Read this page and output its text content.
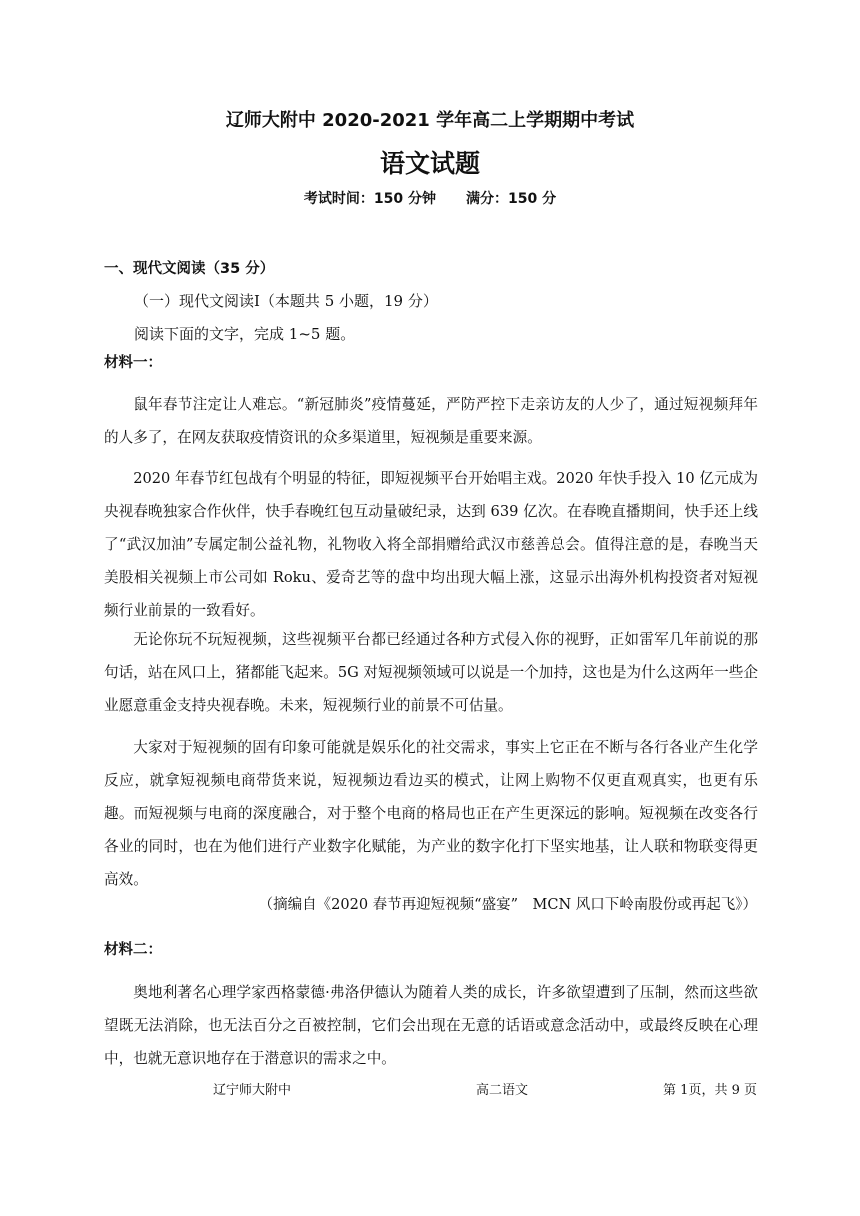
辽师大附中 2020-2021 学年高二上学期期中考试
语文试题
考试时间：150 分钟 满分：150 分
一、现代文阅读（35 分）
（一）现代文阅读Ⅰ（本题共 5 小题，19 分）
阅读下面的文字，完成 1~5 题。
材料一：
鼠年春节注定让人难忘。“新冠肺炎”疫情蔓延，严防严控下走亲访友的人少了，通过短视频拜年的人多了，在网友获取疫情资讯的众多渠道里，短视频是重要来源。
2020 年春节红包战有个明显的特征，即短视频平台开始唱主戏。2020 年快手投入 10 亿元成为央视春晚独家合作伙伴，快手春晚红包互动量破纪录，达到 639 亿次。在春晚直播期间，快手还上线了“武汉加油”专属定制公益礼物，礼物收入将全部捐赠给武汉市慈善总会。值得注意的是，春晚当天美股相关视频上市公司如 Roku、爱奇艺等的盘中均出现大幅上涨，这显示出海外机构投资者对短视频行业前景的一致看好。
无论你玩不玩短视频，这些视频平台都已经通过各种方式侵入你的视野，正如雷军几年前说的那句话，站在风口上，猪都能飞起来。5G 对短视频领域可以说是一个加持，这也是为什么这两年一些企业愿意重金支持央视春晚。未来，短视频行业的前景不可估量。
大家对于短视频的固有印象可能就是娱乐化的社交需求，事实上它正在不断与各行各业产生化学反应，就拿短视频电商带货来说，短视频边看边买的模式，让网上购物不仅更直观真实，也更有乐趣。而短视频与电商的深度融合，对于整个电商的格局也正在产生更深远的影响。短视频在改变各行各业的同时，也在为他们进行产业数字化赋能，为产业的数字化打下坚实地基，让人联和物联变得更高效。
（摘编自《2020 春节再迎短视频“盛宴”　MCN 风口下岭南股份或再起飞》）
材料二：
奥地利著名心理学家西格蒙德·弗洛伊德认为随着人类的成长，许多欲望遭到了压制，然而这些欲望既无法消除，也无法百分之百被控制，它们会出现在无意的话语或意念活动中，或最终反映在心理中，也就无意识地存在于潜意识的需求之中。
辽宁师大附中	高二语文	第 1页，共 9 页
